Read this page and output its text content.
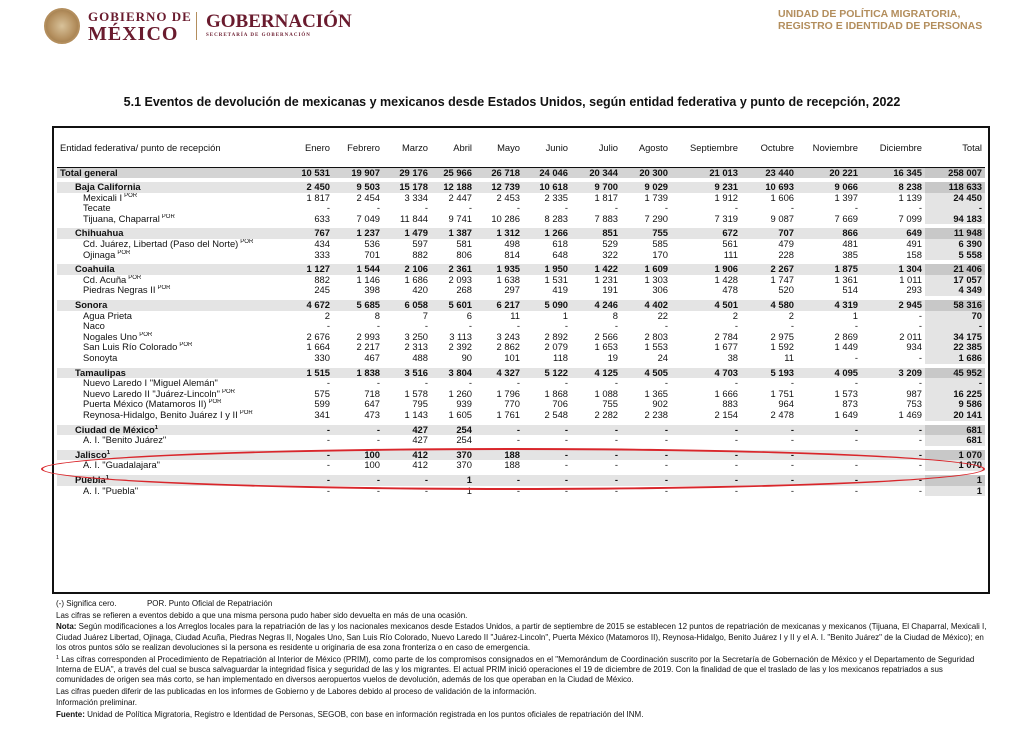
GOBIERNO DE
MÉXICO
GOBERNACIÓN
SECRETARÍA DE GOBERNACIÓN
UNIDAD DE POLÍTICA MIGRATORIA,
REGISTRO E IDENTIDAD DE PERSONAS
5.1 Eventos de devolución de mexicanas y mexicanos desde Estados Unidos, según entidad federativa y punto de recepción, 2022
Entidad federativa/ punto de recepción	Enero	Febrero	Marzo	Abril	Mayo	Junio	Julio	Agosto	Septiembre	Octubre	Noviembre	Diciembre	Total
Total general	10 531	19 907	29 176	25 966	26 718	24 046	20 344	20 300	21 013	23 440	20 221	16 345	258 007

Baja California	2 450	9 503	15 178	12 188	12 739	10 618	9 700	9 029	9 231	10 693	9 066	8 238	118 633
Mexicali I $^{POR}$	1 817	2 454	3 334	2 447	2 453	2 335	1 817	1 739	1 912	1 606	1 397	1 139	24 450
Tecate	-	-	-	-	-	-	-	-	-	-	-	-	-
Tijuana, Chaparral $^{POR}$	633	7 049	11 844	9 741	10 286	8 283	7 883	7 290	7 319	9 087	7 669	7 099	94 183

Chihuahua	767	1 237	1 479	1 387	1 312	1 266	851	755	672	707	866	649	11 948
Cd. Juárez, Libertad (Paso del Norte) $^{POR}$	434	536	597	581	498	618	529	585	561	479	481	491	6 390
Ojinaga $^{POR}$	333	701	882	806	814	648	322	170	111	228	385	158	5 558

Coahuila	1 127	1 544	2 106	2 361	1 935	1 950	1 422	1 609	1 906	2 267	1 875	1 304	21 406
Cd. Acuña $^{POR}$	882	1 146	1 686	2 093	1 638	1 531	1 231	1 303	1 428	1 747	1 361	1 011	17 057
Piedras Negras II $^{POR}$	245	398	420	268	297	419	191	306	478	520	514	293	4 349

Sonora	4 672	5 685	6 058	5 601	6 217	5 090	4 246	4 402	4 501	4 580	4 319	2 945	58 316
Agua Prieta	2	8	7	6	11	1	8	22	2	2	1	-	70
Naco	-	-	-	-	-	-	-	-	-	-	-	-	-
Nogales Uno $^{POR}$	2 676	2 993	3 250	3 113	3 243	2 892	2 566	2 803	2 784	2 975	2 869	2 011	34 175
San Luis Río Colorado $^{POR}$	1 664	2 217	2 313	2 392	2 862	2 079	1 653	1 553	1 677	1 592	1 449	934	22 385
Sonoyta	330	467	488	90	101	118	19	24	38	11	-	-	1 686

Tamaulipas	1 515	1 838	3 516	3 804	4 327	5 122	4 125	4 505	4 703	5 193	4 095	3 209	45 952
Nuevo Laredo I "Miguel Alemán"	-	-	-	-	-	-	-	-	-	-	-	-	-
Nuevo Laredo II "Juárez-Lincoln" $^{POR}$	575	718	1 578	1 260	1 796	1 868	1 088	1 365	1 666	1 751	1 573	987	16 225
Puerta México (Matamoros II) $^{POR}$	599	647	795	939	770	706	755	902	883	964	873	753	9 586
Reynosa-Hidalgo, Benito Juárez I y II $^{POR}$	341	473	1 143	1 605	1 761	2 548	2 282	2 238	2 154	2 478	1 649	1 469	20 141

Ciudad de México$^1$	-	-	427	254	-	-	-	-	-	-	-	-	681
A. I. "Benito Juárez"	-	-	427	254	-	-	-	-	-	-	-	-	681

Jalisco$^1$	-	100	412	370	188	-	-	-	-	-	-	-	1 070
A. I. "Guadalajara"	-	100	412	370	188	-	-	-	-	-	-	-	1 070

Puebla$^1$	-	-	-	1	-	-	-	-	-	-	-	-	1
A. I. "Puebla"	-	-	-	1	-	-	-	-	-	-	-	-	1

(-) Significa cero.	POR. Punto Oficial de Repatriación

Las cifras se refieren a eventos debido a que una misma persona pudo haber sido devuelta en más de una ocasión.

Nota: Según modificaciones a los Arreglos locales para la repatriación de las y los nacionales mexicanos desde Estados Unidos, a partir de septiembre de 2015 se establecen 12 puntos de repatriación de mexicanas y mexicanos (Tijuana, El Chaparral, Mexicali I, Ciudad Juárez Libertad, Ojinaga, Ciudad Acuña, Piedras Negras II, Nogales Uno, San Luis Río Colorado, Nuevo Laredo II "Juárez-Lincoln", Puerta México (Matamoros II), Reynosa-Hidalgo, Benito Juárez I y II y el A. I. "Benito Juárez" de la Ciudad de México); en los otros puntos sólo se realizan devoluciones si la persona es residente u originaria de esa zona fronteriza o en caso de emergencia.

$^1$ Las cifras corresponden al Procedimiento de Repatriación al Interior de México (PRIM), como parte de los compromisos consignados en el "Memorándum de Coordinación suscrito por la Secretaría de Gobernación de México y el Departamento de Seguridad Interna de EUA", a través del cual se busca salvaguardar la integridad física y seguridad de las y los migrantes. El actual PRIM inició operaciones el 19 de diciembre de 2019. Con la finalidad de que el traslado de las y los mexicanos repatriados a sus comunidades de origen sea más corto, se han implementado en diversos aeropuertos vuelos de devolución, además de los que operaban en la Ciudad de México.

Las cifras pueden diferir de las publicadas en los informes de Gobierno y de Labores debido al proceso de validación de la información.

Información preliminar.

Fuente: Unidad de Política Migratoria, Registro e Identidad de Personas, SEGOB, con base en información registrada en los puntos oficiales de repatriación del INM.
